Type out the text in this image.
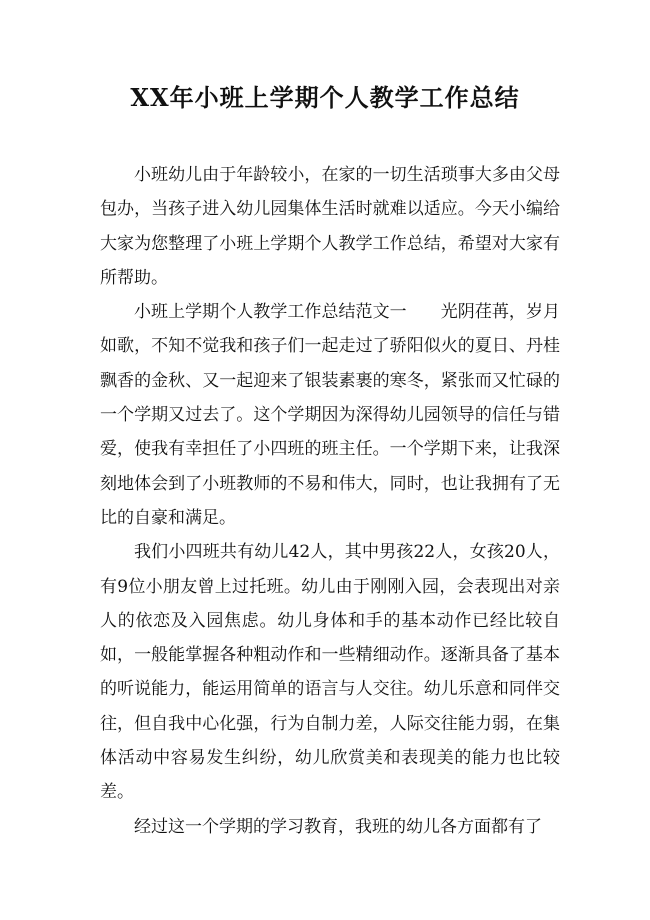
XX年小班上学期个人教学工作总结

小班幼儿由于年龄较小，在家的一切生活琐事大多由父母包办，当孩子进入幼儿园集体生活时就难以适应。今天小编给大家为您整理了小班上学期个人教学工作总结，希望对大家有所帮助。

小班上学期个人教学工作总结范文一　　光阴荏苒，岁月如歌，不知不觉我和孩子们一起走过了骄阳似火的夏日、丹桂飘香的金秋、又一起迎来了银装素裹的寒冬，紧张而又忙碌的一个学期又过去了。这个学期因为深得幼儿园领导的信任与错爱，使我有幸担任了小四班的班主任。一个学期下来，让我深刻地体会到了小班教师的不易和伟大，同时，也让我拥有了无比的自豪和满足。

我们小四班共有幼儿42人，其中男孩22人，女孩20人，有9位小朋友曾上过托班。幼儿由于刚刚入园，会表现出对亲人的依恋及入园焦虑。幼儿身体和手的基本动作已经比较自如，一般能掌握各种粗动作和一些精细动作。逐渐具备了基本的听说能力，能运用简单的语言与人交往。幼儿乐意和同伴交往，但自我中心化强，行为自制力差，人际交往能力弱，在集体活动中容易发生纠纷，幼儿欣赏美和表现美的能力也比较差。

经过这一个学期的学习教育，我班的幼儿各方面都有了
